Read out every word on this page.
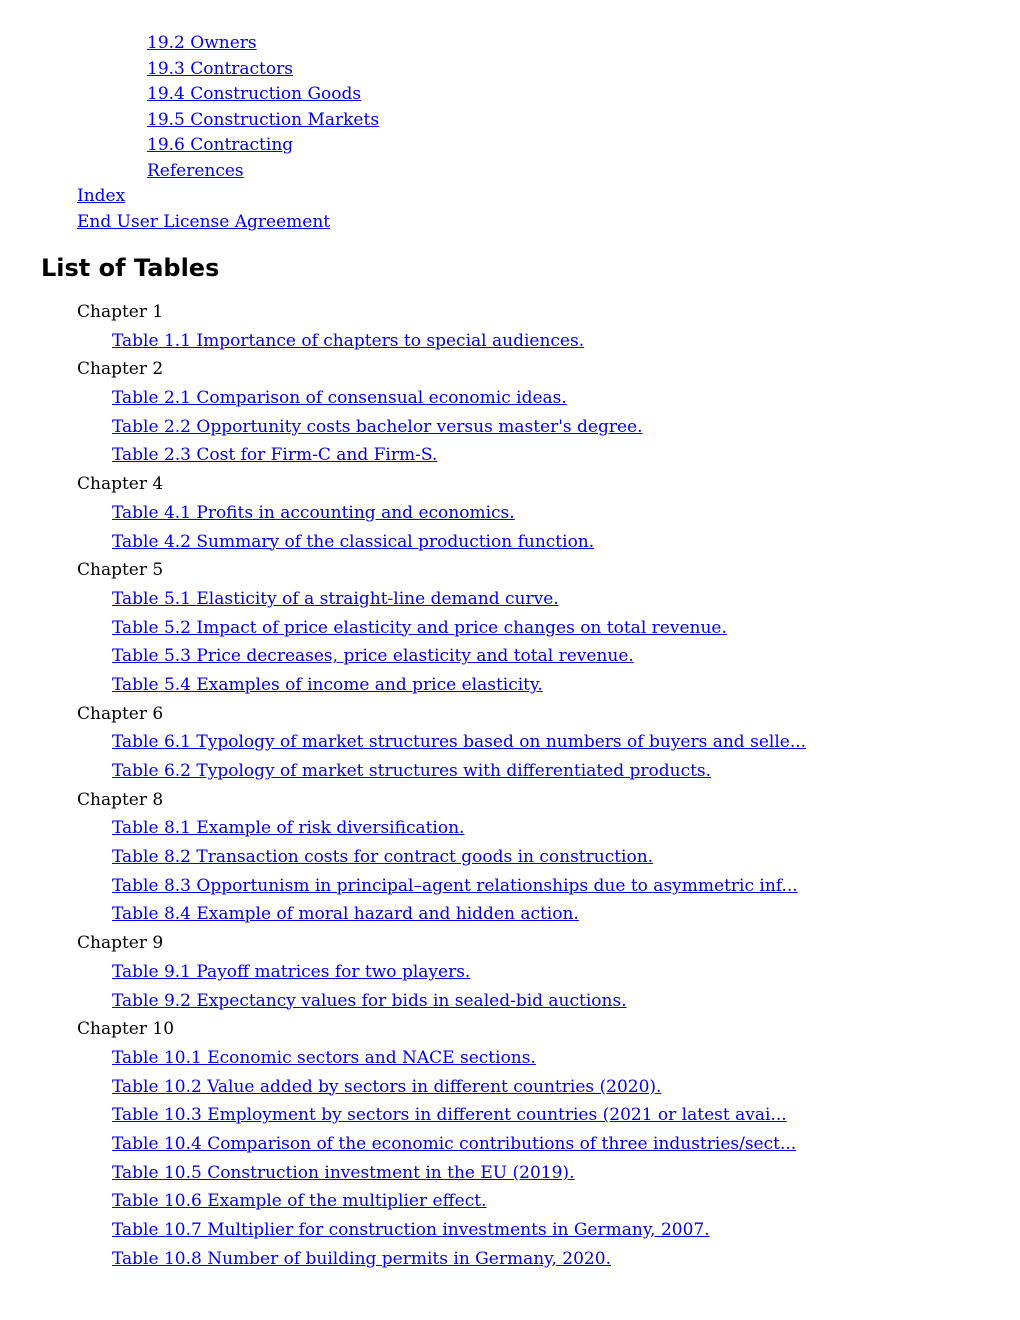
19.2 Owners
19.3 Contractors
19.4 Construction Goods
19.5 Construction Markets
19.6 Contracting
References
Index
End User License Agreement
List of Tables
Chapter 1
Table 1.1 Importance of chapters to special audiences.
Chapter 2
Table 2.1 Comparison of consensual economic ideas.
Table 2.2 Opportunity costs bachelor versus master's degree.
Table 2.3 Cost for Firm-C and Firm-S.
Chapter 4
Table 4.1 Profits in accounting and economics.
Table 4.2 Summary of the classical production function.
Chapter 5
Table 5.1 Elasticity of a straight-line demand curve.
Table 5.2 Impact of price elasticity and price changes on total revenue.
Table 5.3 Price decreases, price elasticity and total revenue.
Table 5.4 Examples of income and price elasticity.
Chapter 6
Table 6.1 Typology of market structures based on numbers of buyers and selle...
Table 6.2 Typology of market structures with differentiated products.
Chapter 8
Table 8.1 Example of risk diversification.
Table 8.2 Transaction costs for contract goods in construction.
Table 8.3 Opportunism in principal–agent relationships due to asymmetric inf...
Table 8.4 Example of moral hazard and hidden action.
Chapter 9
Table 9.1 Payoff matrices for two players.
Table 9.2 Expectancy values for bids in sealed-bid auctions.
Chapter 10
Table 10.1 Economic sectors and NACE sections.
Table 10.2 Value added by sectors in different countries (2020).
Table 10.3 Employment by sectors in different countries (2021 or latest avai...
Table 10.4 Comparison of the economic contributions of three industries/sect...
Table 10.5 Construction investment in the EU (2019).
Table 10.6 Example of the multiplier effect.
Table 10.7 Multiplier for construction investments in Germany, 2007.
Table 10.8 Number of building permits in Germany, 2020.
